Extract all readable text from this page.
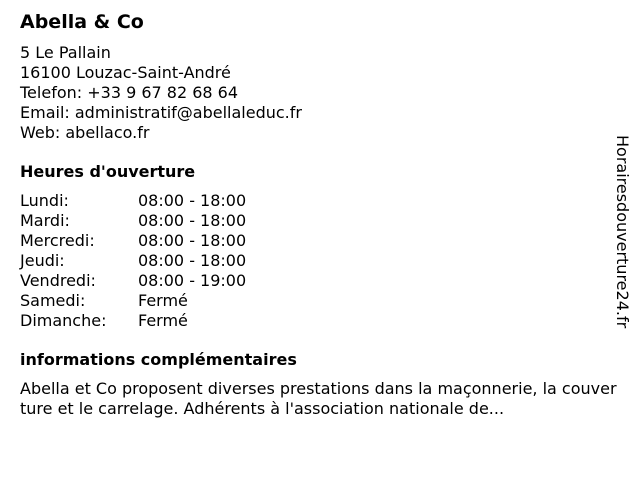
Abella & Co
5 Le Pallain
16100 Louzac-Saint-André
Telefon: +33 9 67 82 68 64
Email: administratif@abellaleduc.fr
Web: abellaco.fr
Heures d'ouverture
Lundi:	08:00 - 18:00
Mardi:	08:00 - 18:00
Mercredi:	08:00 - 18:00
Jeudi:	08:00 - 18:00
Vendredi:	08:00 - 19:00
Samedi:	Fermé
Dimanche:	Fermé
informations complémentaires
Abella et Co proposent diverses prestations dans la maçonnerie, la couverture et le carrelage. Adhérents à l'association nationale de...
Horairesdouverture24.fr
